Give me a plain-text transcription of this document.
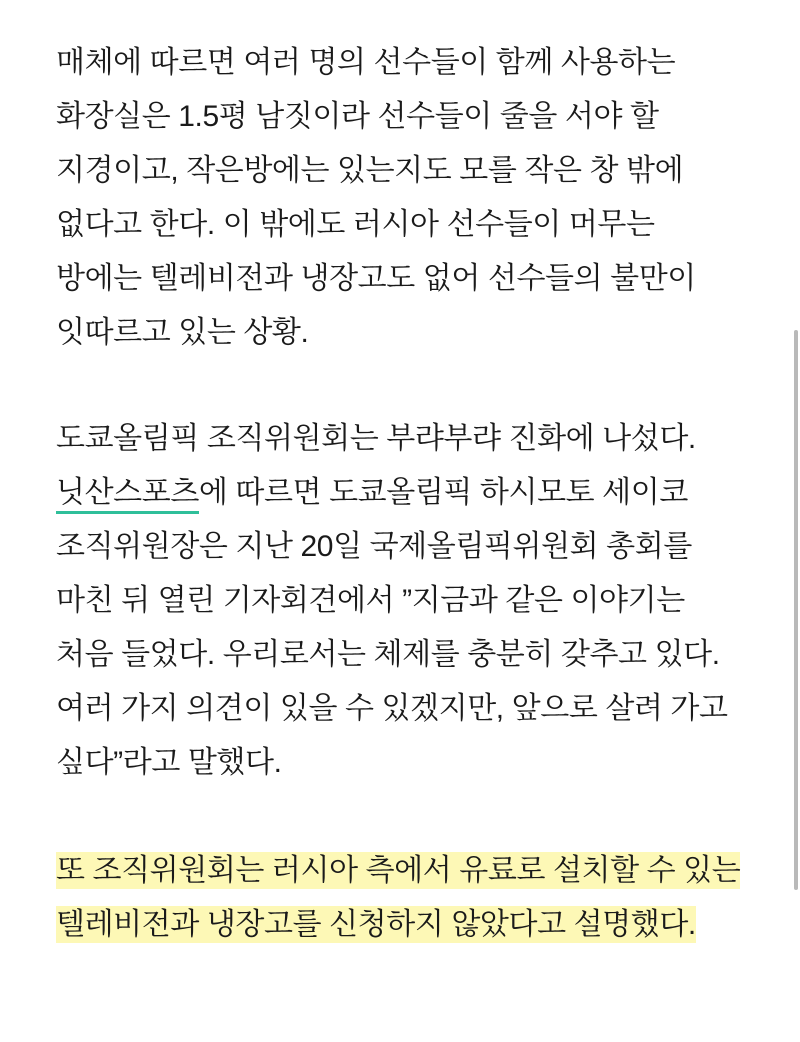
매체에 따르면 여러 명의 선수들이 함께 사용하는 화장실은 1.5평 남짓이라 선수들이 줄을 서야 할 지경이고, 작은방에는 있는지도 모를 작은 창 밖에 없다고 한다. 이 밖에도 러시아 선수들이 머무는 방에는 텔레비전과 냉장고도 없어 선수들의 불만이 잇따르고 있는 상황.

도쿄올림픽 조직위원회는 부랴부랴 진화에 나섰다. 닛산스포츠에 따르면 도쿄올림픽 하시모토 세이코 조직위원장은 지난 20일 국제올림픽위원회 총회를 마친 뒤 열린 기자회견에서 ”지금과 같은 이야기는 처음 들었다. 우리로서는 체제를 충분히 갖추고 있다. 여러 가지 의견이 있을 수 있겠지만, 앞으로 살려 가고 싶다”라고 말했다.

또 조직위원회는 러시아 측에서 유료로 설치할 수 있는 텔레비전과 냉장고를 신청하지 않았다고 설명했다.
